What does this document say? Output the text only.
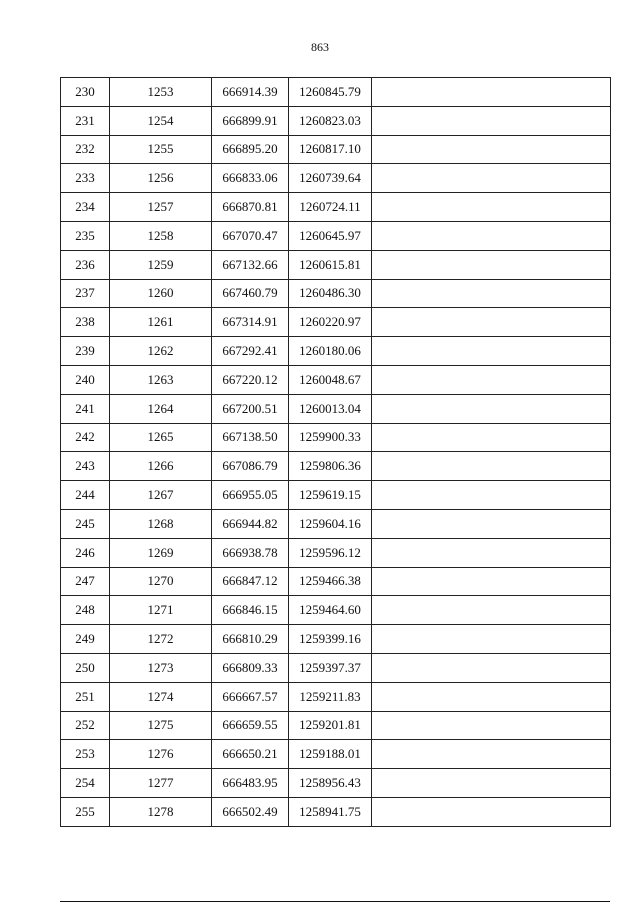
863
230	1253	666914.39	1260845.79	
231	1254	666899.91	1260823.03	
232	1255	666895.20	1260817.10	
233	1256	666833.06	1260739.64	
234	1257	666870.81	1260724.11	
235	1258	667070.47	1260645.97	
236	1259	667132.66	1260615.81	
237	1260	667460.79	1260486.30	
238	1261	667314.91	1260220.97	
239	1262	667292.41	1260180.06	
240	1263	667220.12	1260048.67	
241	1264	667200.51	1260013.04	
242	1265	667138.50	1259900.33	
243	1266	667086.79	1259806.36	
244	1267	666955.05	1259619.15	
245	1268	666944.82	1259604.16	
246	1269	666938.78	1259596.12	
247	1270	666847.12	1259466.38	
248	1271	666846.15	1259464.60	
249	1272	666810.29	1259399.16	
250	1273	666809.33	1259397.37	
251	1274	666667.57	1259211.83	
252	1275	666659.55	1259201.81	
253	1276	666650.21	1259188.01	
254	1277	666483.95	1258956.43	
255	1278	666502.49	1258941.75	
